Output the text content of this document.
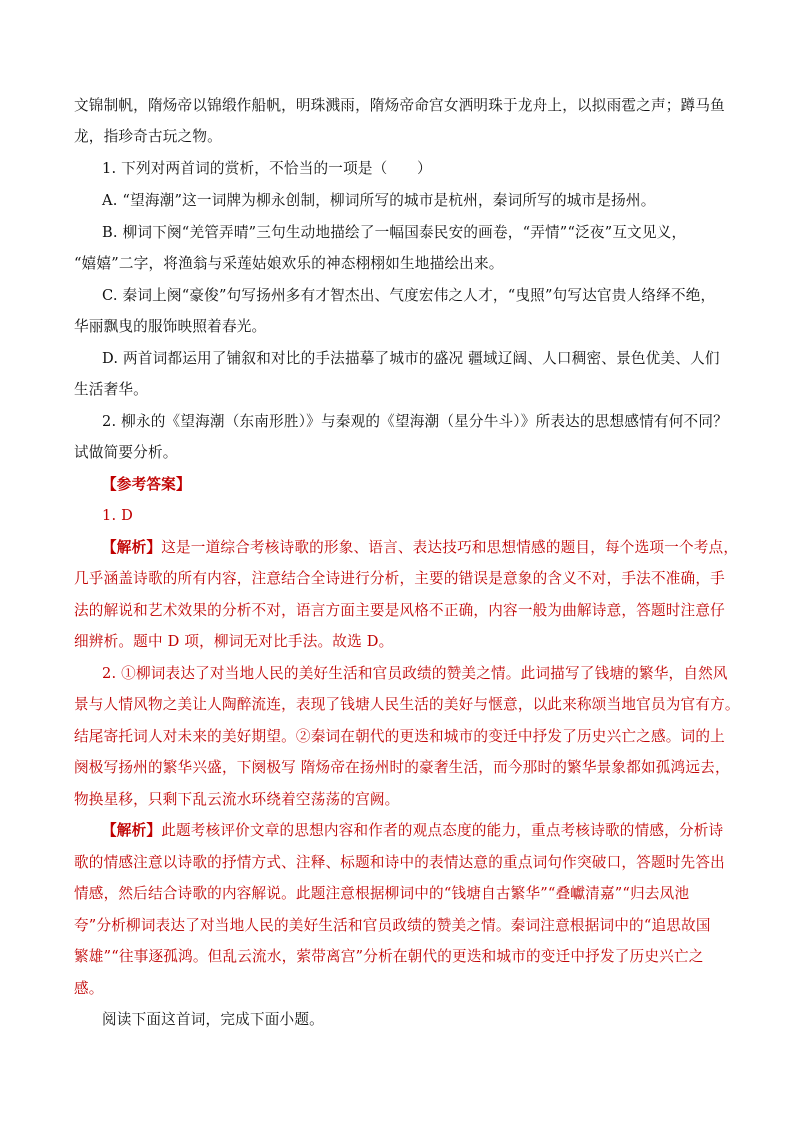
文锦制帆，隋炀帝以锦缎作船帆，明珠溅雨，隋炀帝命宫女洒明珠于龙舟上，以拟雨雹之声；蹲马鱼
龙，指珍奇古玩之物。
1. 下列对两首词的赏析，不恰当的一项是（　　）
A. “望海潮”这一词牌为柳永创制，柳词所写的城市是杭州，秦词所写的城市是扬州。
B. 柳词下阕“羌管弄晴”三句生动地描绘了一幅国泰民安的画卷，“弄情”“泛夜”互文见义，
“嬉嬉”二字，将渔翁与采莲姑娘欢乐的神态栩栩如生地描绘出来。
C. 秦词上阕“豪俊”句写扬州多有才智杰出、气度宏伟之人才，“曳照”句写达官贵人络绎不绝，
华丽飘曳的服饰映照着春光。
D. 两首词都运用了铺叙和对比的手法描摹了城市的盛况 疆域辽阔、人口稠密、景色优美、人们
生活奢华。
2. 柳永的《望海潮（东南形胜）》与秦观的《望海潮（星分牛斗）》所表达的思想感情有何不同？
试做简要分析。
【参考答案】
1. D
【解析】这是一道综合考核诗歌的形象、语言、表达技巧和思想情感的题目，每个选项一个考点，
几乎涵盖诗歌的所有内容，注意结合全诗进行分析，主要的错误是意象的含义不对，手法不准确，手
法的解说和艺术效果的分析不对，语言方面主要是风格不正确，内容一般为曲解诗意，答题时注意仔
细辨析。题中 D 项，柳词无对比手法。故选 D。
2. ①柳词表达了对当地人民的美好生活和官员政绩的赞美之情。此词描写了钱塘的繁华，自然风
景与人情风物之美让人陶醉流连，表现了钱塘人民生活的美好与惬意，以此来称颂当地官员为官有方。
结尾寄托词人对未来的美好期望。②秦词在朝代的更迭和城市的变迁中抒发了历史兴亡之感。词的上
阕极写扬州的繁华兴盛，下阕极写 隋炀帝在扬州时的豪奢生活，而今那时的繁华景象都如孤鸿远去，
物换星移，只剩下乱云流水环绕着空荡荡的宫阙。
【解析】此题考核评价文章的思想内容和作者的观点态度的能力，重点考核诗歌的情感，分析诗
歌的情感注意以诗歌的抒情方式、注释、标题和诗中的表情达意的重点词句作突破口，答题时先答出
情感，然后结合诗歌的内容解说。此题注意根据柳词中的“钱塘自古繁华”“叠巘清嘉”“归去凤池
夸”分析柳词表达了对当地人民的美好生活和官员政绩的赞美之情。秦词注意根据词中的“追思故国
繁雄”“往事逐孤鸿。但乱云流水，萦带离宫”分析在朝代的更迭和城市的变迁中抒发了历史兴亡之
感。
阅读下面这首词，完成下面小题。
